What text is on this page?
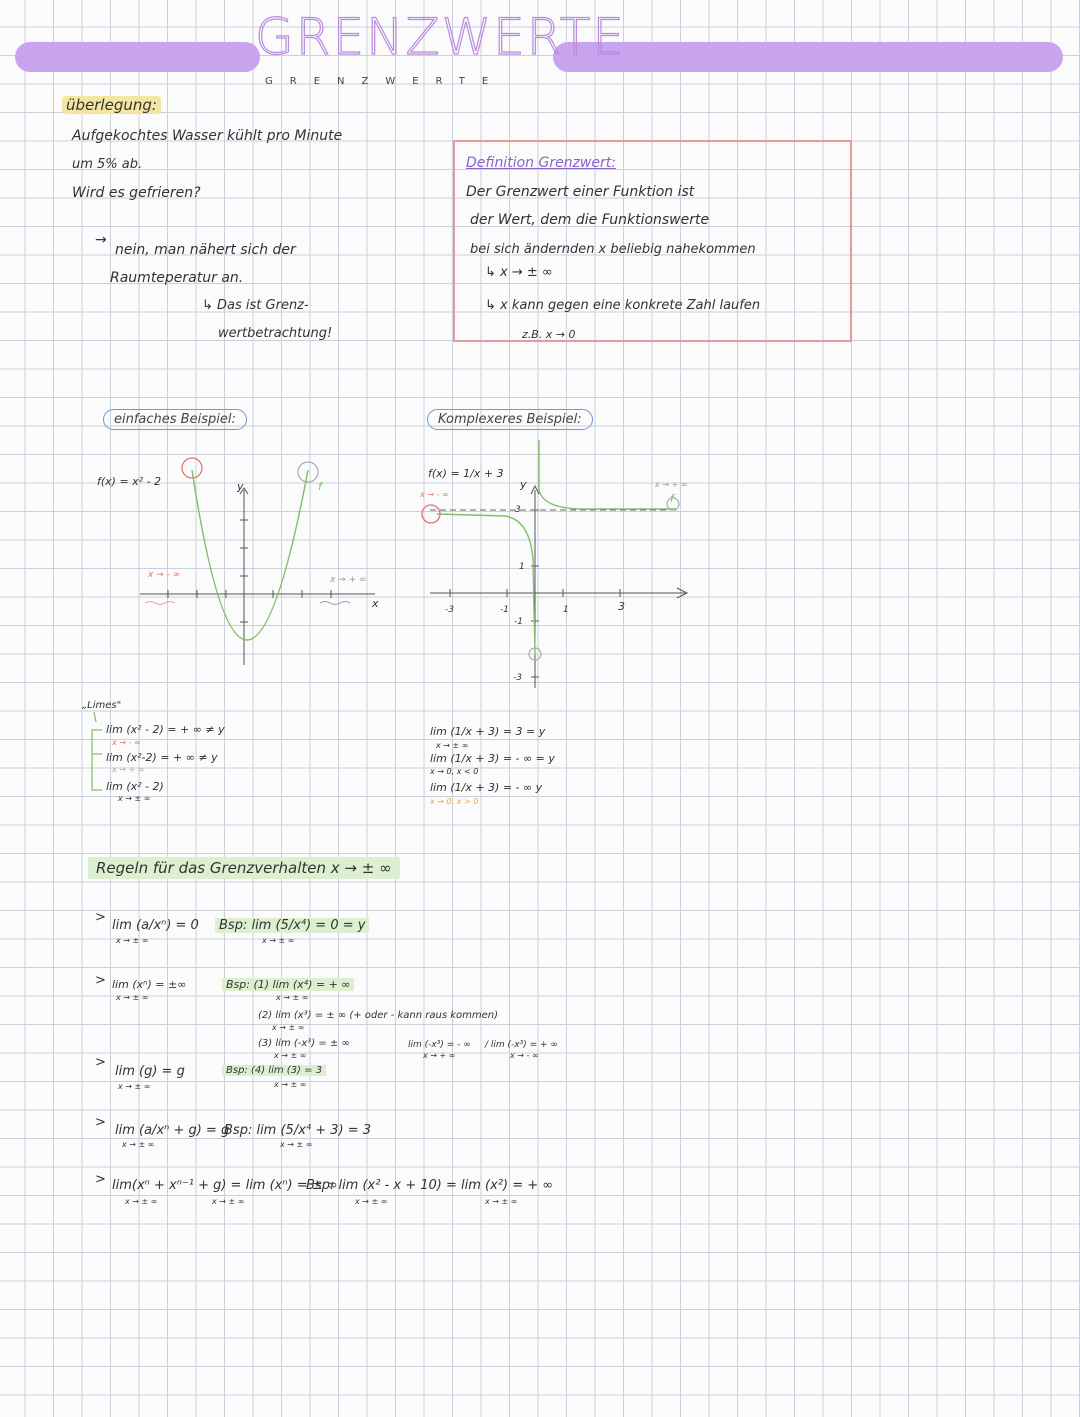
GRENZWERTE
GRENZWERTE
überlegung:
Aufgekochtes Wasser kühlt pro Minute
um 5% ab.
Wird es gefrieren?
→
nein, man nähert sich der
Raumteperatur an.
↳ Das ist Grenz-
wertbetrachtung!
Definition Grenzwert:
Der Grenzwert einer Funktion ist
der Wert, dem die Funktionswerte
bei sich ändernden x beliebig nahekommen
↳ x → ± ∞
↳ x kann gegen eine konkrete Zahl laufen
z.B. x → 0
einfaches Beispiel:
f(x) = x² - 2	y
x
x → - ∞	x → + ∞
f
„Limes"
lim (x² - 2) = + ∞ ≠ y
x → - ∞
lim (x²-2) = + ∞ ≠ y
x → + ∞
lim (x² - 2)
x → ± ∞
Komplexeres Beispiel:
f(x) = 1/x + 3
x → - ∞
x → + ∞
y
3
1
-1
-1
-3
-3
1	3
f
lim (1/x + 3) = 3 = y
x → ± ∞
lim (1/x + 3) = - ∞ = y
x → 0, x < 0
lim (1/x + 3) = - ∞ y
x → 0, x > 0
Regeln für das Grenzverhalten x → ± ∞
>
lim (a/xⁿ) = 0
x → ± ∞
Bsp: lim (5/x⁴) = 0 = y
x → ± ∞
> lim (xⁿ) = ±∞
x → ± ∞
Bsp: (1) lim (x⁴) = + ∞
x → ± ∞
(2) lim (x³) = ± ∞ (+ oder - kann raus kommen)
x → ± ∞
(3) lim (-x³) = ± ∞
x → ± ∞
lim (-x³) = - ∞
x → + ∞
/ lim (-x³) = + ∞
x → - ∞
>
lim (g) = g
x → ± ∞
Bsp: (4) lim (3) = 3
x → ± ∞
>
lim (a/xⁿ + g) = g
x → ± ∞
Bsp: lim (5/x⁴ + 3) = 3
x → ± ∞
> lim(xⁿ + xⁿ⁻¹ + g) = lim (xⁿ) = ± ∞
x → ± ∞	x → ± ∞
Bsp: lim (x² - x + 10) = lim (x²) = + ∞
x → ± ∞	x → ± ∞
